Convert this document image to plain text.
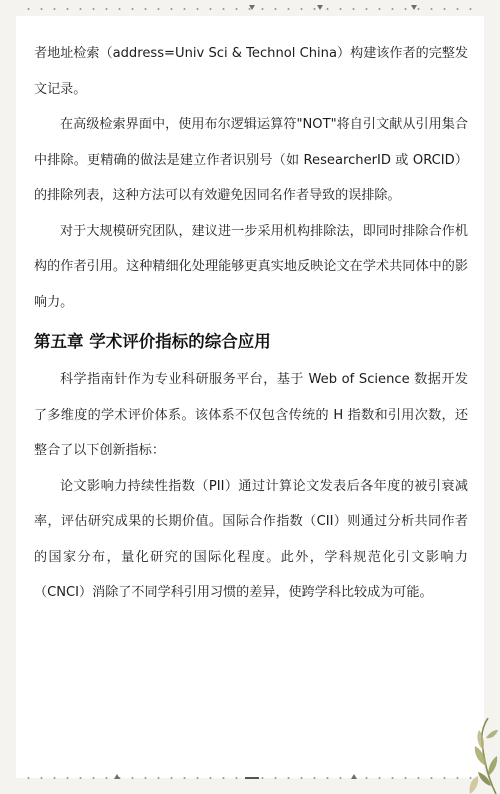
者地址检索（address=Univ Sci & Technol China）构建该作者的完整发文记录。

在高级检索界面中，使用布尔逻辑运算符"NOT"将自引文献从引用集合中排除。更精确的做法是建立作者识别号（如 ResearcherID 或 ORCID）的排除列表，这种方法可以有效避免因同名作者导致的误排除。

对于大规模研究团队，建议进一步采用机构排除法，即同时排除合作机构的作者引用。这种精细化处理能够更真实地反映论文在学术共同体中的影响力。

第五章 学术评价指标的综合应用

科学指南针作为专业科研服务平台，基于 Web of Science 数据开发了多维度的学术评价体系。该体系不仅包含传统的 H 指数和引用次数，还整合了以下创新指标：

论文影响力持续性指数（PII）通过计算论文发表后各年度的被引衰减率，评估研究成果的长期价值。国际合作指数（CII）则通过分析共同作者的国家分布，量化研究的国际化程度。此外，学科规范化引文影响力（CNCI）消除了不同学科引用习惯的差异，使跨学科比较成为可能。
